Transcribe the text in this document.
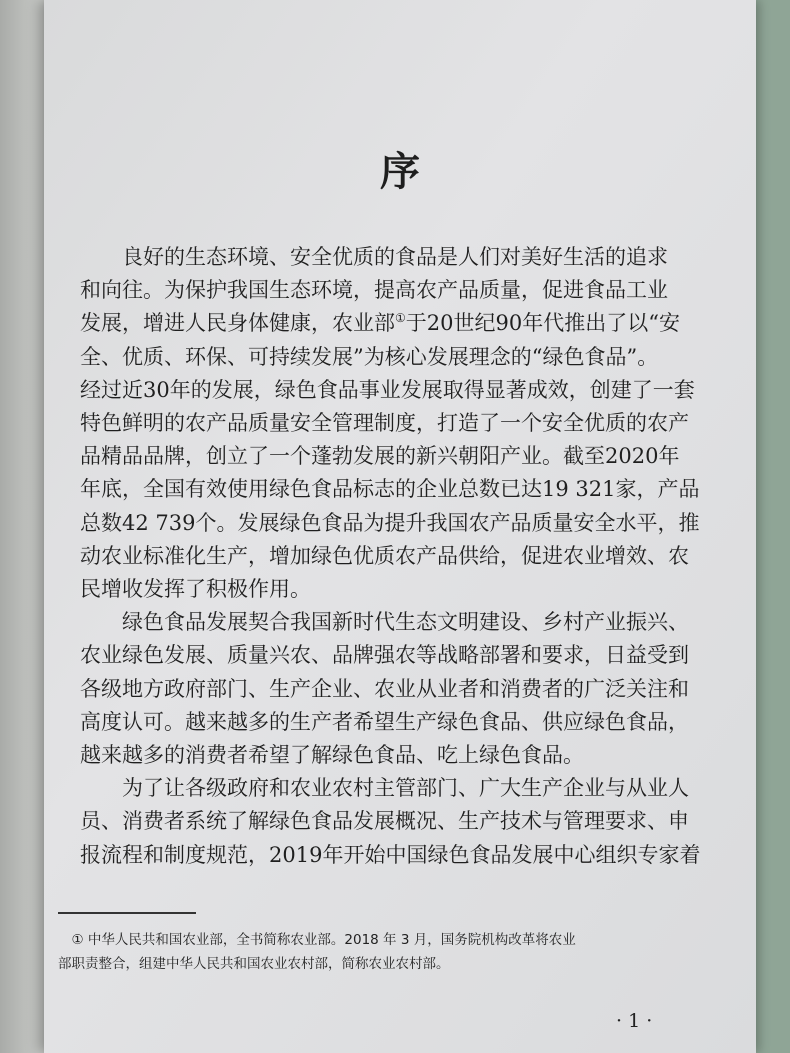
序

良好的生态环境、安全优质的食品是人们对美好生活的追求
和向往。为保护我国生态环境，提高农产品质量，促进食品工业
发展，增进人民身体健康，农业部①于20世纪90年代推出了以“安
全、优质、环保、可持续发展”为核心发展理念的“绿色食品”。
经过近30年的发展，绿色食品事业发展取得显著成效，创建了一套
特色鲜明的农产品质量安全管理制度，打造了一个安全优质的农产
品精品品牌，创立了一个蓬勃发展的新兴朝阳产业。截至2020年
年底，全国有效使用绿色食品标志的企业总数已达19 321家，产品
总数42 739个。发展绿色食品为提升我国农产品质量安全水平，推
动农业标准化生产，增加绿色优质农产品供给，促进农业增效、农
民增收发挥了积极作用。

绿色食品发展契合我国新时代生态文明建设、乡村产业振兴、
农业绿色发展、质量兴农、品牌强农等战略部署和要求，日益受到
各级地方政府部门、生产企业、农业从业者和消费者的广泛关注和
高度认可。越来越多的生产者希望生产绿色食品、供应绿色食品，
越来越多的消费者希望了解绿色食品、吃上绿色食品。

为了让各级政府和农业农村主管部门、广大生产企业与从业人
员、消费者系统了解绿色食品发展概况、生产技术与管理要求、申
报流程和制度规范，2019年开始中国绿色食品发展中心组织专家着

① 中华人民共和国农业部，全书简称农业部。2018 年 3 月，国务院机构改革将农业
部职责整合，组建中华人民共和国农业农村部，简称农业农村部。
· 1 ·
